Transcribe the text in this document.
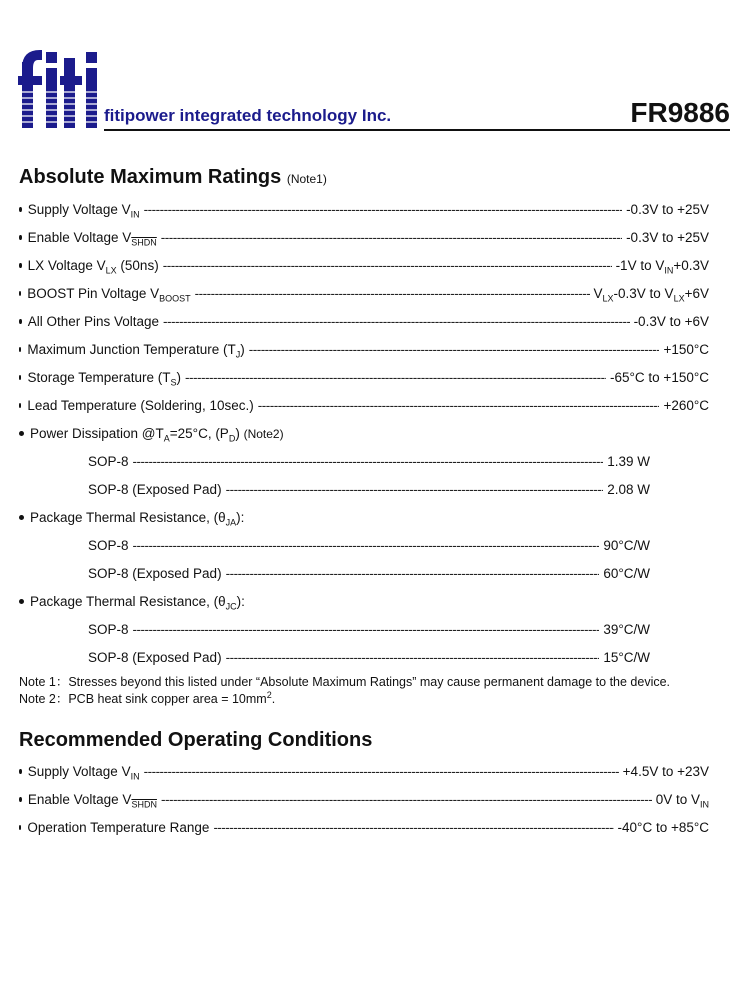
fitipower integrated technology Inc.	FR9886
Absolute Maximum Ratings (Note1)
Supply Voltage $V_{IN}$ -----	-0.3V to +25V
Enable Voltage $V_{SHDN}$ -----	-0.3V to +25V
LX Voltage $V_{LX}$ (50ns) -----	-1V to $V_{IN}+0.3V$
BOOST Pin Voltage $V_{BOOST}$ -----	$V_{LX}-0.3V$ to $V_{LX}+6V$
All Other Pins Voltage -----	-0.3V to +6V
Maximum Junction Temperature $(T_J)$ -----	+150°C
Storage Temperature $(T_S)$ -----	-65°C to +150°C
Lead Temperature (Soldering, 10sec.) -----	+260°C
Power Dissipation $@T_A=25^\circ C$, $(P_D)$ (Note2)
SOP-8 -----	1.39 W
SOP-8 (Exposed Pad) -----	2.08 W
Package Thermal Resistance, $(\theta_{JA})$:
SOP-8 -----	90°C/W
SOP-8 (Exposed Pad) -----	60°C/W
Package Thermal Resistance, $(\theta_{JC})$:
SOP-8 -----	39°C/W
SOP-8 (Exposed Pad) -----	15°C/W
Note 1：Stresses beyond this listed under “Absolute Maximum Ratings” may cause permanent damage to the device.
Note 2：PCB heat sink copper area = $10mm^2$.
Recommended Operating Conditions
Supply Voltage $V_{IN}$ -----	+4.5V to +23V
Enable Voltage $V_{SHDN}$ -----	0V to $V_{IN}$
Operation Temperature Range -----	-40°C to +85°C
